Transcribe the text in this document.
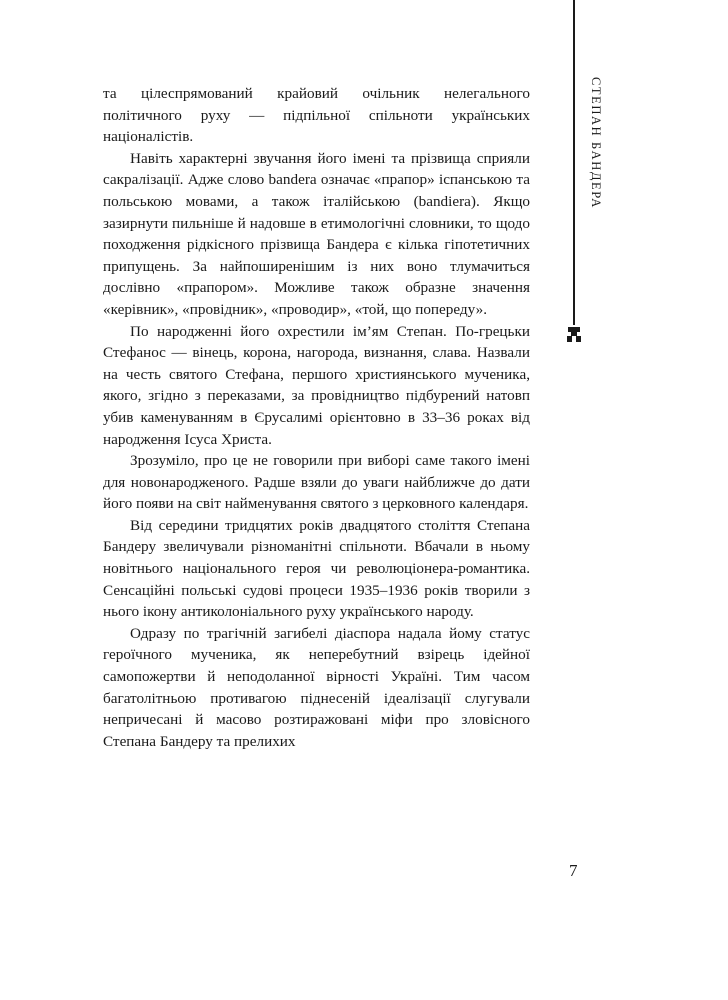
СТЕПАН БАНДЕРА

та цілеспрямований крайовий очільник нелегального політичного руху — підпільної спільноти українських націоналістів.

Навіть характерні звучання його імені та прізвища сприяли сакралізації. Адже слово bandera означає «прапор» іспанською та польською мовами, а також італійською (bandiera). Якщо зазирнути пильніше й надовше в етимологічні словники, то щодо походження рідкісного прізвища Бандера є кілька гіпотетичних припущень. За найпоширенішим із них воно тлумачиться дослівно «прапором». Можливе також образне значення «керівник», «провідник», «проводир», «той, що попереду».

По народженні його охрестили ім’ям Степан. По-грецьки Стефанос — вінець, корона, нагорода, визнання, слава. Назвали на честь святого Стефана, першого християнського мученика, якого, згідно з переказами, за провідництво підбурений натовп убив каменуванням в Єрусалимі орієнтовно в 33–36 роках від народження Ісуса Христа.

Зрозуміло, про це не говорили при виборі саме такого імені для новонародженого. Радше взяли до уваги найближче до дати його появи на світ найменування святого з церковного календаря.

Від середини тридцятих років двадцятого століття Степана Бандеру звеличували різноманітні спільноти. Вбачали в ньому новітнього національного героя чи революціонера-романтика. Сенсаційні польські судові процеси 1935–1936 років творили з нього ікону антиколоніального руху українського народу.

Одразу по трагічній загибелі діаспора надала йому статус героїчного мученика, як неперебутний взірець ідейної самопожертви й неподоланної вірності Україні. Тим часом багатолітньою противагою піднесеній ідеалізації слугували непричесані й масово розтиражовані міфи про зловісного Степана Бандеру та прелихих

7
